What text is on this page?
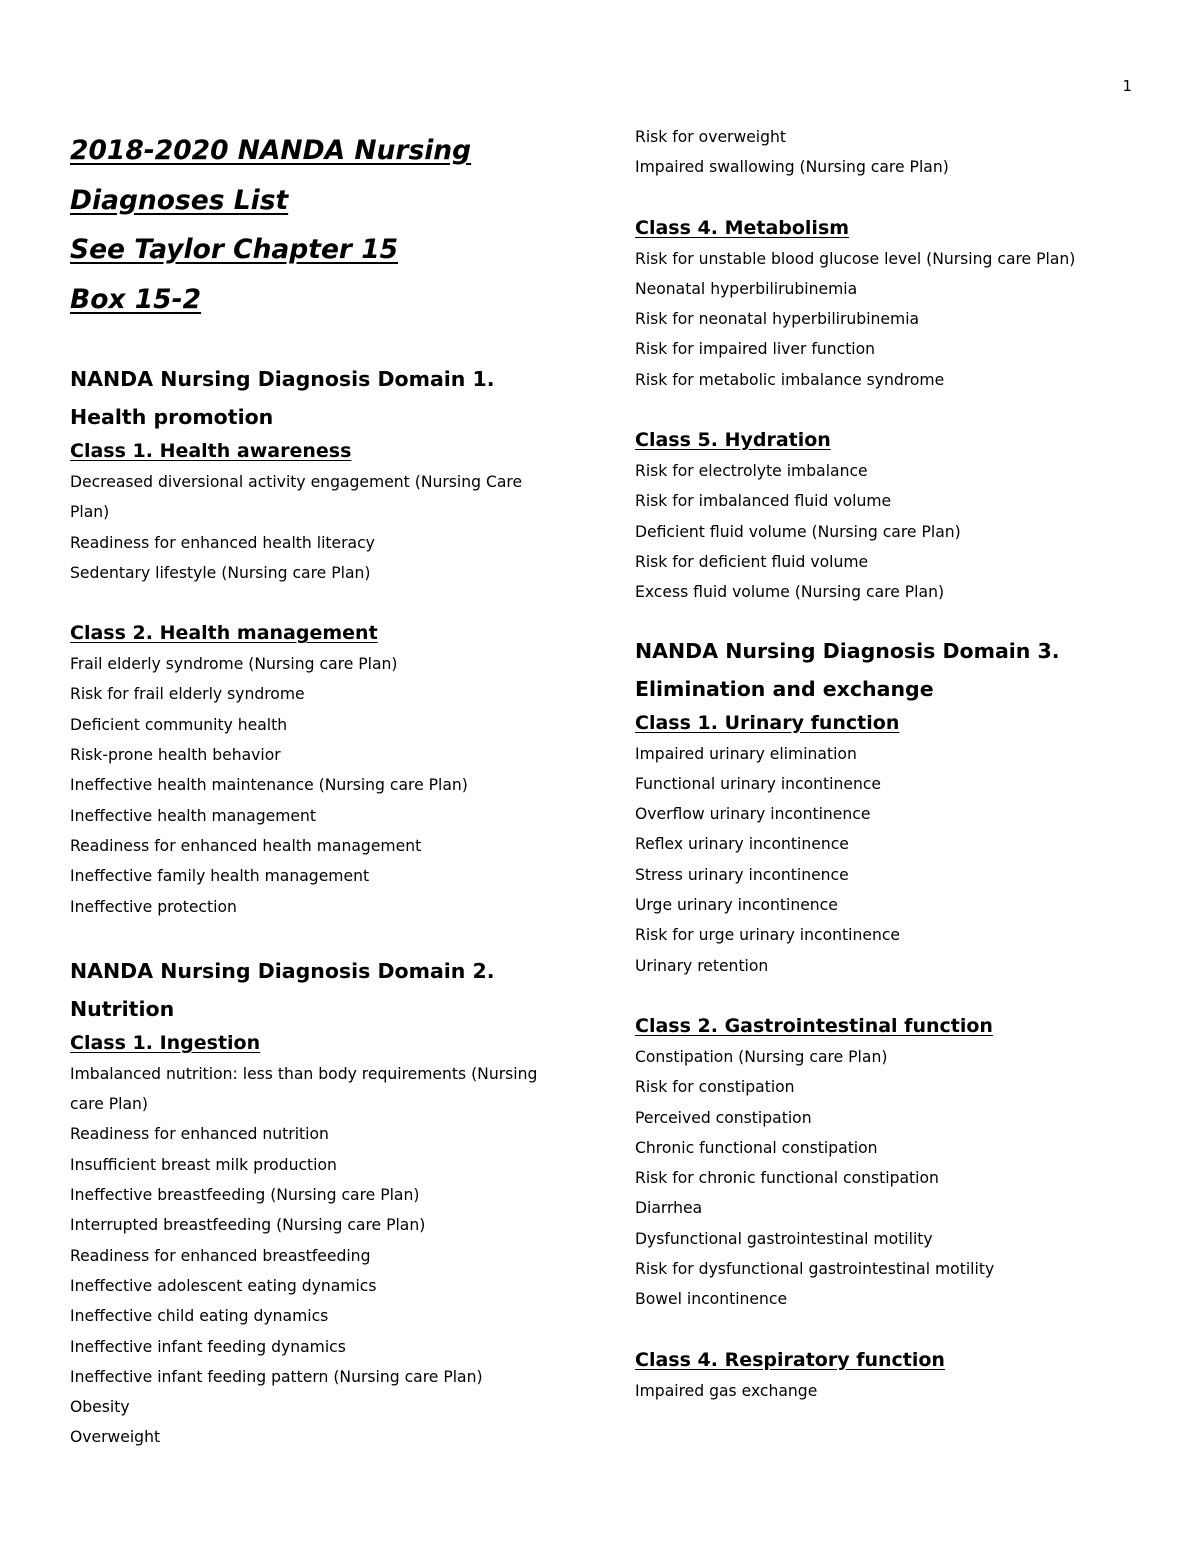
1
2018-2020 NANDA Nursing
Diagnoses List
See Taylor Chapter 15
Box 15-2
NANDA Nursing Diagnosis Domain 1.
Health promotion
Class 1. Health awareness
Decreased diversional activity engagement (Nursing Care Plan)
Readiness for enhanced health literacy
Sedentary lifestyle (Nursing care Plan)
Class 2. Health management
Frail elderly syndrome (Nursing care Plan)
Risk for frail elderly syndrome
Deficient community health
Risk-prone health behavior
Ineffective health maintenance (Nursing care Plan)
Ineffective health management
Readiness for enhanced health management
Ineffective family health management
Ineffective protection
NANDA Nursing Diagnosis Domain 2.
Nutrition
Class 1. Ingestion
Imbalanced nutrition: less than body requirements (Nursing care Plan)
Readiness for enhanced nutrition
Insufficient breast milk production
Ineffective breastfeeding (Nursing care Plan)
Interrupted breastfeeding (Nursing care Plan)
Readiness for enhanced breastfeeding
Ineffective adolescent eating dynamics
Ineffective child eating dynamics
Ineffective infant feeding dynamics
Ineffective infant feeding pattern (Nursing care Plan)
Obesity
Overweight
Risk for overweight
Impaired swallowing (Nursing care Plan)
Class 4. Metabolism
Risk for unstable blood glucose level (Nursing care Plan)
Neonatal hyperbilirubinemia
Risk for neonatal hyperbilirubinemia
Risk for impaired liver function
Risk for metabolic imbalance syndrome
Class 5. Hydration
Risk for electrolyte imbalance
Risk for imbalanced fluid volume
Deficient fluid volume (Nursing care Plan)
Risk for deficient fluid volume
Excess fluid volume (Nursing care Plan)
NANDA Nursing Diagnosis Domain 3.
Elimination and exchange
Class 1. Urinary function
Impaired urinary elimination
Functional urinary incontinence
Overflow urinary incontinence
Reflex urinary incontinence
Stress urinary incontinence
Urge urinary incontinence
Risk for urge urinary incontinence
Urinary retention
Class 2. Gastrointestinal function
Constipation (Nursing care Plan)
Risk for constipation
Perceived constipation
Chronic functional constipation
Risk for chronic functional constipation
Diarrhea
Dysfunctional gastrointestinal motility
Risk for dysfunctional gastrointestinal motility
Bowel incontinence
Class 4. Respiratory function
Impaired gas exchange
